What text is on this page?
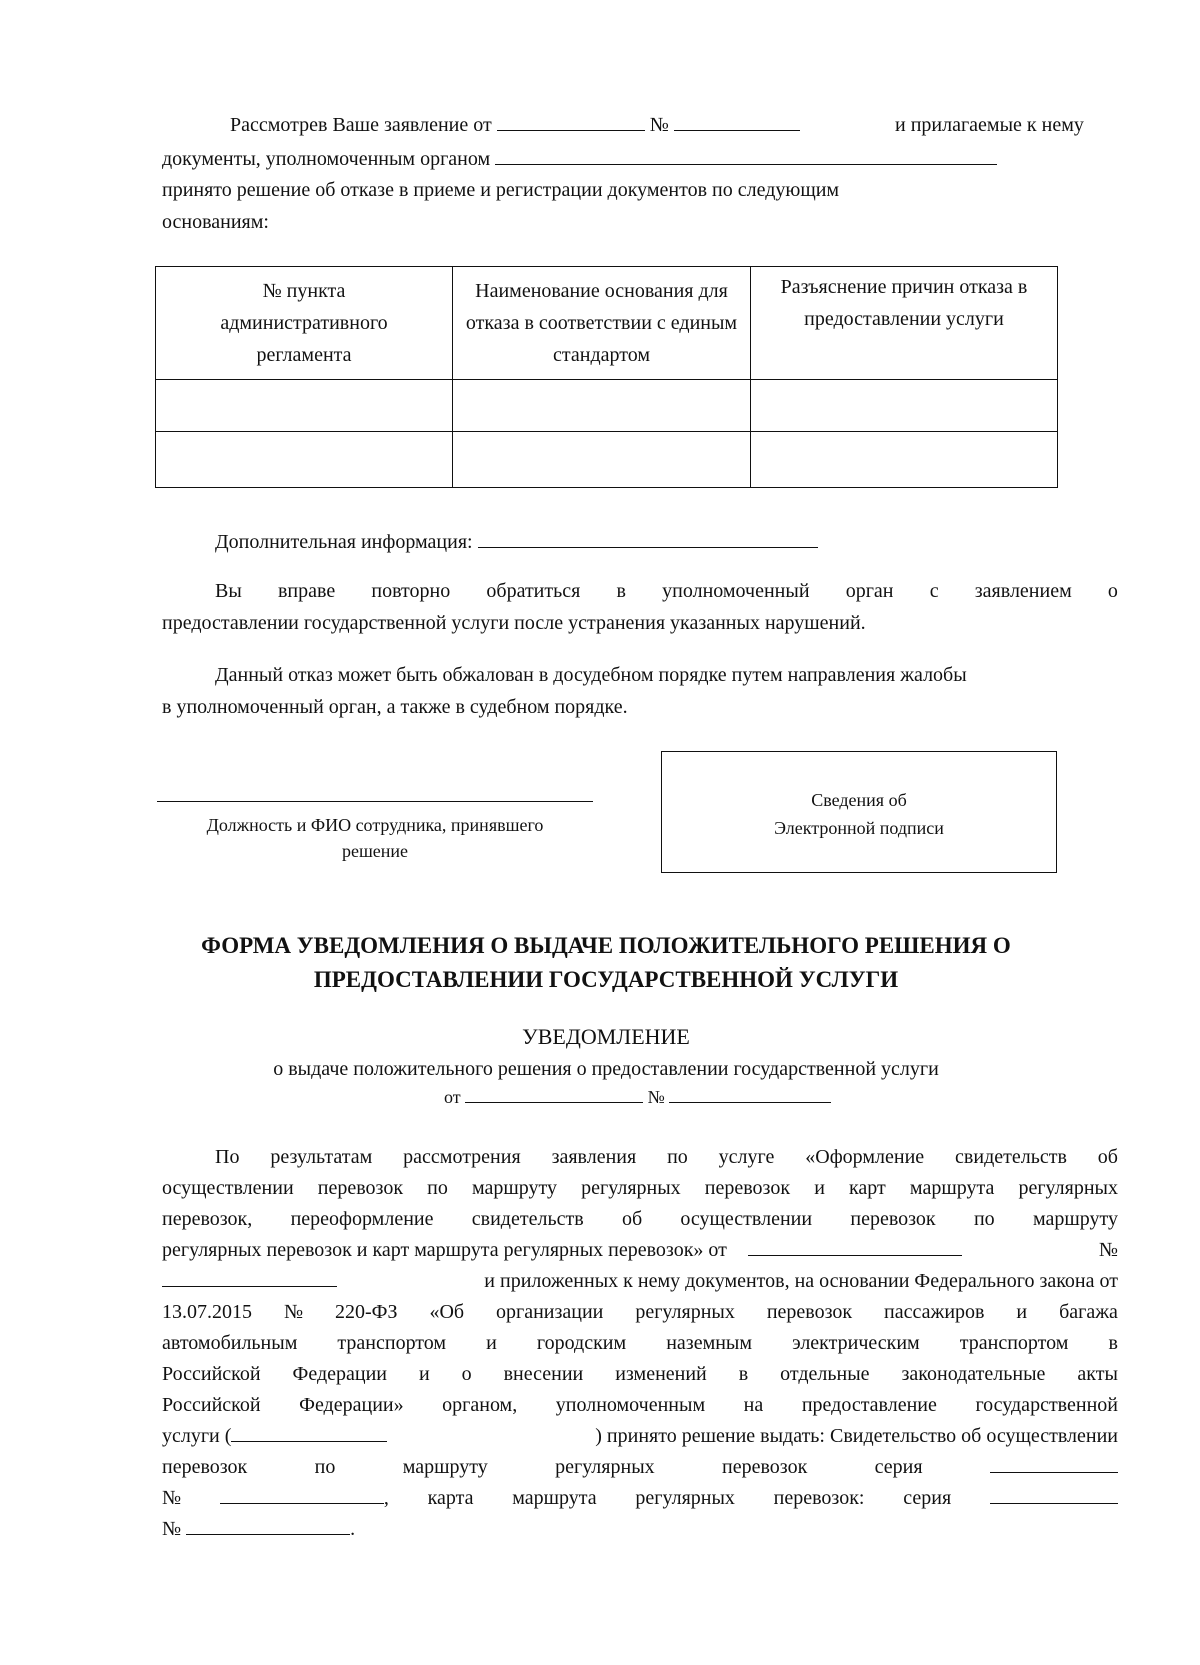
Рассмотрев Ваше заявление от	№	и прилагаемые к нему
документы, уполномоченным органом
принято решение об отказе в приеме и регистрации документов по следующим
основаниям:
№ пункта административного регламента	Наименование основания для отказа в соответствии с единым стандартом	Разъяснение причин отказа в предоставлении услуги

Дополнительная информация:
Вы вправе повторно обратиться в уполномоченный орган с заявлением о
предоставлении государственной услуги после устранения указанных нарушений.
Данный отказ может быть обжалован в досудебном порядке путем направления жалобы
в уполномоченный орган, а также в судебном порядке.
Должность и ФИО сотрудника, принявшего решение
Сведения об
Электронной подписи
ФОРМА УВЕДОМЛЕНИЯ О ВЫДАЧЕ ПОЛОЖИТЕЛЬНОГО РЕШЕНИЯ О
ПРЕДОСТАВЛЕНИИ ГОСУДАРСТВЕННОЙ УСЛУГИ
УВЕДОМЛЕНИЕ
о выдаче положительного решения о предоставлении государственной услуги
от	№
По результатам рассмотрения заявления по услуге «Оформление свидетельств об
осуществлении перевозок по маршруту регулярных перевозок и карт маршрута регулярных
перевозок, переоформление свидетельств об осуществлении перевозок по маршруту
регулярных перевозок и карт маршрута регулярных перевозок» от	№
и приложенных к нему документов, на основании Федерального закона от
13.07.2015 № 220-ФЗ «Об организации регулярных перевозок пассажиров и багажа
автомобильным транспортом и городским наземным электрическим транспортом в
Российской Федерации и о внесении изменений в отдельные законодательные акты
Российской Федерации» органом, уполномоченным на предоставление государственной
услуги (	) принято решение выдать: Свидетельство об осуществлении
перевозок	по	маршруту	регулярных	перевозок	серия
№	, карта маршрута регулярных перевозок: серия
№	.
